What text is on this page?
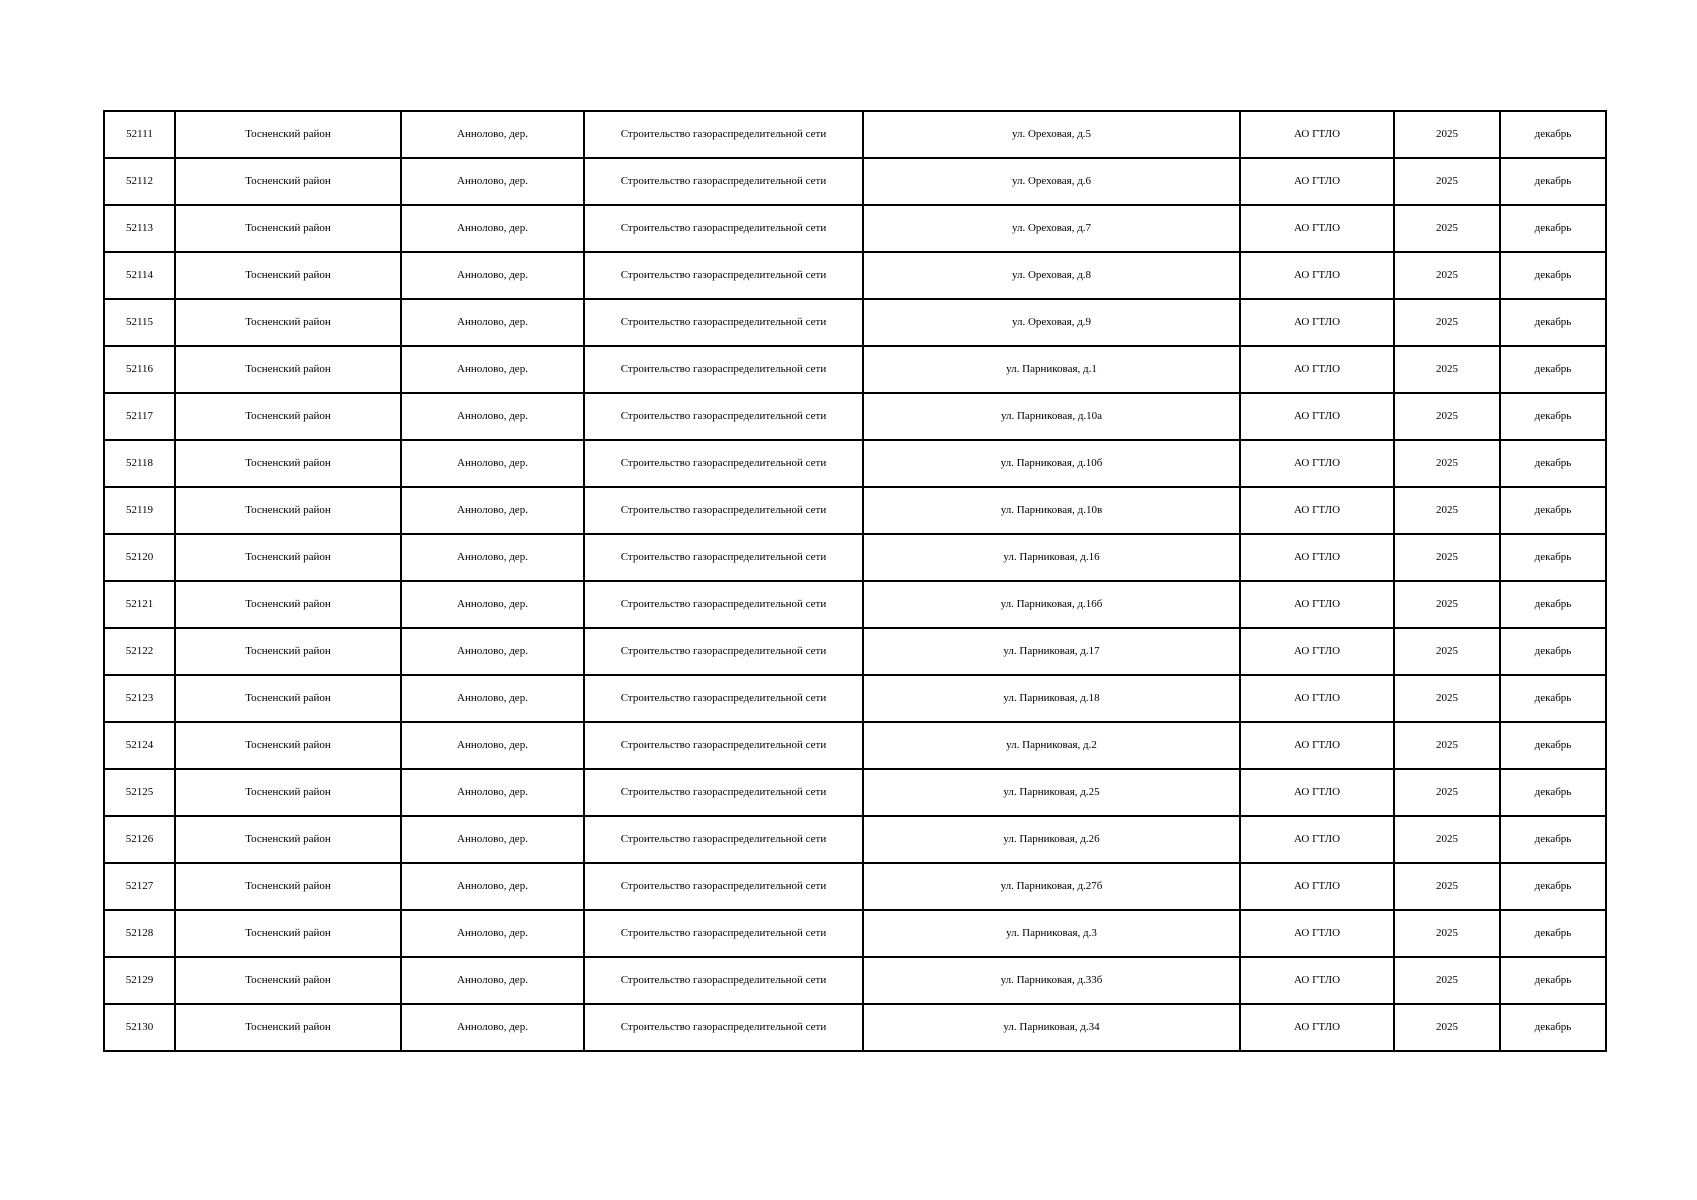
52111	Тосненский район	Аннолово, дер.	Строительство газораспределительной сети	ул. Ореховая, д.5	АО ГТЛО	2025	декабрь
52112	Тосненский район	Аннолово, дер.	Строительство газораспределительной сети	ул. Ореховая, д.6	АО ГТЛО	2025	декабрь
52113	Тосненский район	Аннолово, дер.	Строительство газораспределительной сети	ул. Ореховая, д.7	АО ГТЛО	2025	декабрь
52114	Тосненский район	Аннолово, дер.	Строительство газораспределительной сети	ул. Ореховая, д.8	АО ГТЛО	2025	декабрь
52115	Тосненский район	Аннолово, дер.	Строительство газораспределительной сети	ул. Ореховая, д.9	АО ГТЛО	2025	декабрь
52116	Тосненский район	Аннолово, дер.	Строительство газораспределительной сети	ул. Парниковая, д.1	АО ГТЛО	2025	декабрь
52117	Тосненский район	Аннолово, дер.	Строительство газораспределительной сети	ул. Парниковая, д.10а	АО ГТЛО	2025	декабрь
52118	Тосненский район	Аннолово, дер.	Строительство газораспределительной сети	ул. Парниковая, д.10б	АО ГТЛО	2025	декабрь
52119	Тосненский район	Аннолово, дер.	Строительство газораспределительной сети	ул. Парниковая, д.10в	АО ГТЛО	2025	декабрь
52120	Тосненский район	Аннолово, дер.	Строительство газораспределительной сети	ул. Парниковая, д.16	АО ГТЛО	2025	декабрь
52121	Тосненский район	Аннолово, дер.	Строительство газораспределительной сети	ул. Парниковая, д.16б	АО ГТЛО	2025	декабрь
52122	Тосненский район	Аннолово, дер.	Строительство газораспределительной сети	ул. Парниковая, д.17	АО ГТЛО	2025	декабрь
52123	Тосненский район	Аннолово, дер.	Строительство газораспределительной сети	ул. Парниковая, д.18	АО ГТЛО	2025	декабрь
52124	Тосненский район	Аннолово, дер.	Строительство газораспределительной сети	ул. Парниковая, д.2	АО ГТЛО	2025	декабрь
52125	Тосненский район	Аннолово, дер.	Строительство газораспределительной сети	ул. Парниковая, д.25	АО ГТЛО	2025	декабрь
52126	Тосненский район	Аннолово, дер.	Строительство газораспределительной сети	ул. Парниковая, д.26	АО ГТЛО	2025	декабрь
52127	Тосненский район	Аннолово, дер.	Строительство газораспределительной сети	ул. Парниковая, д.27б	АО ГТЛО	2025	декабрь
52128	Тосненский район	Аннолово, дер.	Строительство газораспределительной сети	ул. Парниковая, д.3	АО ГТЛО	2025	декабрь
52129	Тосненский район	Аннолово, дер.	Строительство газораспределительной сети	ул. Парниковая, д.33б	АО ГТЛО	2025	декабрь
52130	Тосненский район	Аннолово, дер.	Строительство газораспределительной сети	ул. Парниковая, д.34	АО ГТЛО	2025	декабрь
